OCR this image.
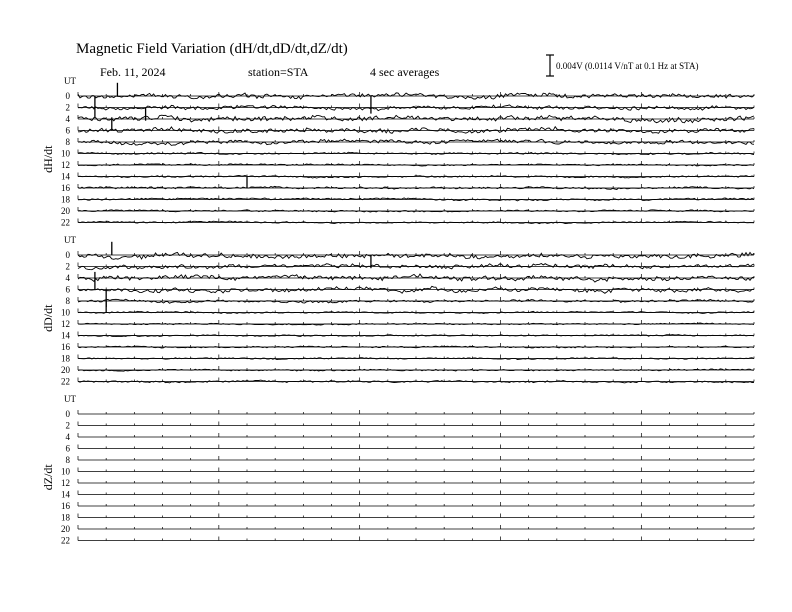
Magnetic Field Variation (dH/dt,dD/dt,dZ/dt)
Feb. 11, 2024	station=STA	4 sec averages	0.004V (0.0114 V/nT at 0.1 Hz at STA)
UT
dH/dt
0
2
4
6
8
10
12
14
16
18
20
22
UT
dD/dt
0
2
4
6
8
10
12
14
16
18
20
22
UT
dZ/dt
0
2
4
6
8
10
12
14
16
18
20
22
